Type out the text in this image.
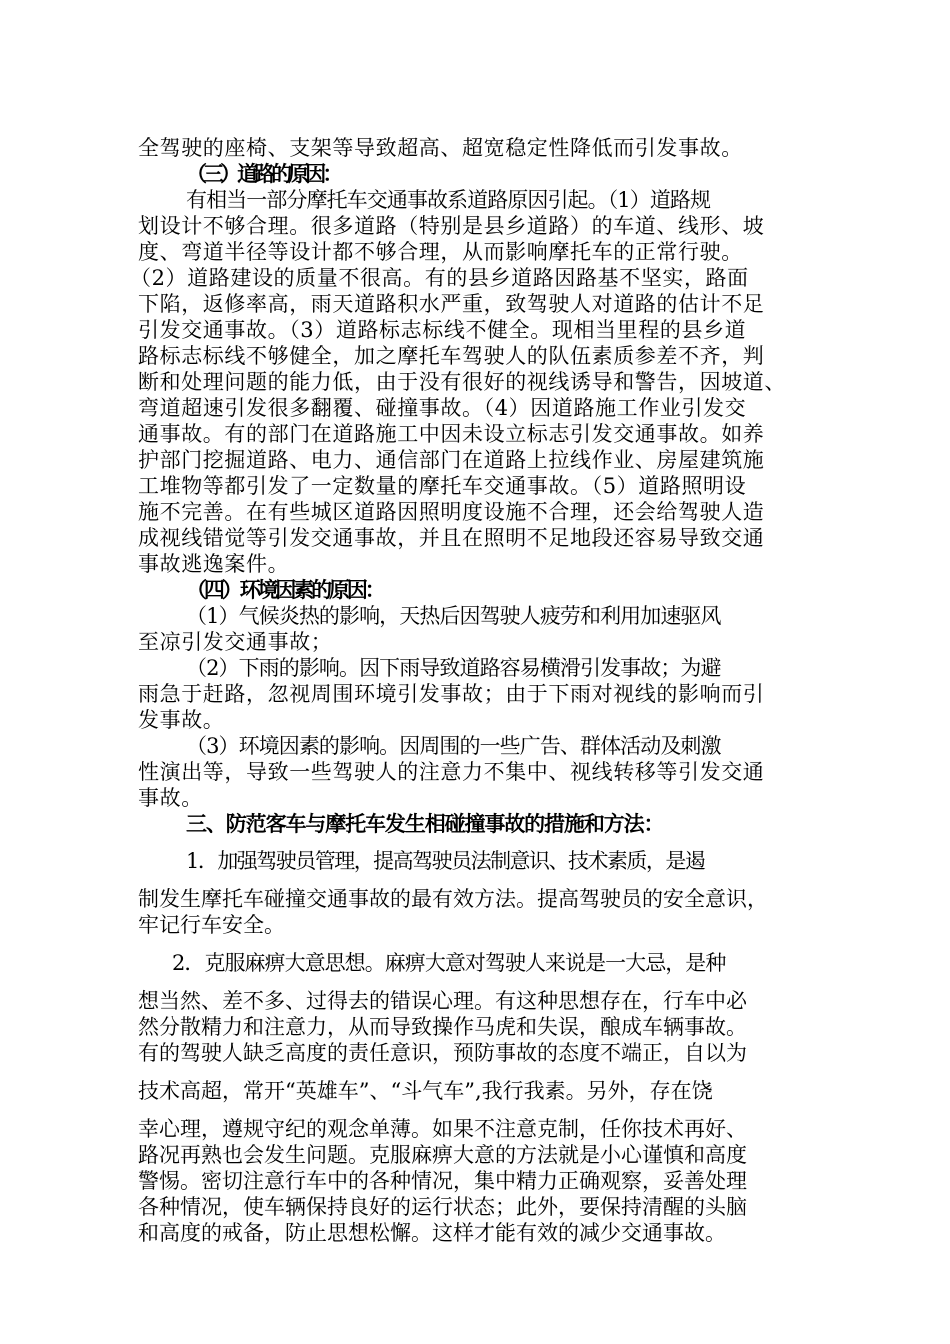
全驾驶的座椅、支架等导致超高、超宽稳定性降低而引发事故。
（三）道路的原因：
有相当一部分摩托车交通事故系道路原因引起。（1）道路规
划设计不够合理。很多道路（特别是县乡道路）的车道、线形、坡
度、弯道半径等设计都不够合理，从而影响摩托车的正常行驶。
（2）道路建设的质量不很高。有的县乡道路因路基不坚实，路面
下陷，返修率高，雨天道路积水严重，致驾驶人对道路的估计不足
引发交通事故。（3）道路标志标线不健全。现相当里程的县乡道
路标志标线不够健全，加之摩托车驾驶人的队伍素质参差不齐，判
断和处理问题的能力低，由于没有很好的视线诱导和警告，因坡道、
弯道超速引发很多翻覆、碰撞事故。（4）因道路施工作业引发交
通事故。有的部门在道路施工中因未设立标志引发交通事故。如养
护部门挖掘道路、电力、通信部门在道路上拉线作业、房屋建筑施
工堆物等都引发了一定数量的摩托车交通事故。（5）道路照明设
施不完善。在有些城区道路因照明度设施不合理，还会给驾驶人造
成视线错觉等引发交通事故，并且在照明不足地段还容易导致交通
事故逃逸案件。
（四）环境因素的原因：
（1）气候炎热的影响，天热后因驾驶人疲劳和利用加速驱风
至凉引发交通事故；
（2）下雨的影响。因下雨导致道路容易横滑引发事故；为避
雨急于赶路，忽视周围环境引发事故；由于下雨对视线的影响而引
发事故。
（3）环境因素的影响。因周围的一些广告、群体活动及刺激
性演出等，导致一些驾驶人的注意力不集中、视线转移等引发交通
事故。
三、防范客车与摩托车发生相碰撞事故的措施和方法：
1．加强驾驶员管理，提高驾驶员法制意识、技术素质，是遏
制发生摩托车碰撞交通事故的最有效方法。提高驾驶员的安全意识，
牢记行车安全。
2．克服麻痹大意思想。麻痹大意对驾驶人来说是一大忌，是种
想当然、差不多、过得去的错误心理。有这种思想存在，行车中必
然分散精力和注意力，从而导致操作马虎和失误，酿成车辆事故。
有的驾驶人缺乏高度的责任意识，预防事故的态度不端正，自以为
技术高超，常开“英雄车”、“斗气车”,我行我素。另外，存在饶
幸心理，遵规守纪的观念单薄。如果不注意克制，任你技术再好、
路况再熟也会发生问题。克服麻痹大意的方法就是小心谨慎和高度
警惕。密切注意行车中的各种情况，集中精力正确观察，妥善处理
各种情况，使车辆保持良好的运行状态；此外，要保持清醒的头脑
和高度的戒备，防止思想松懈。这样才能有效的减少交通事故。
